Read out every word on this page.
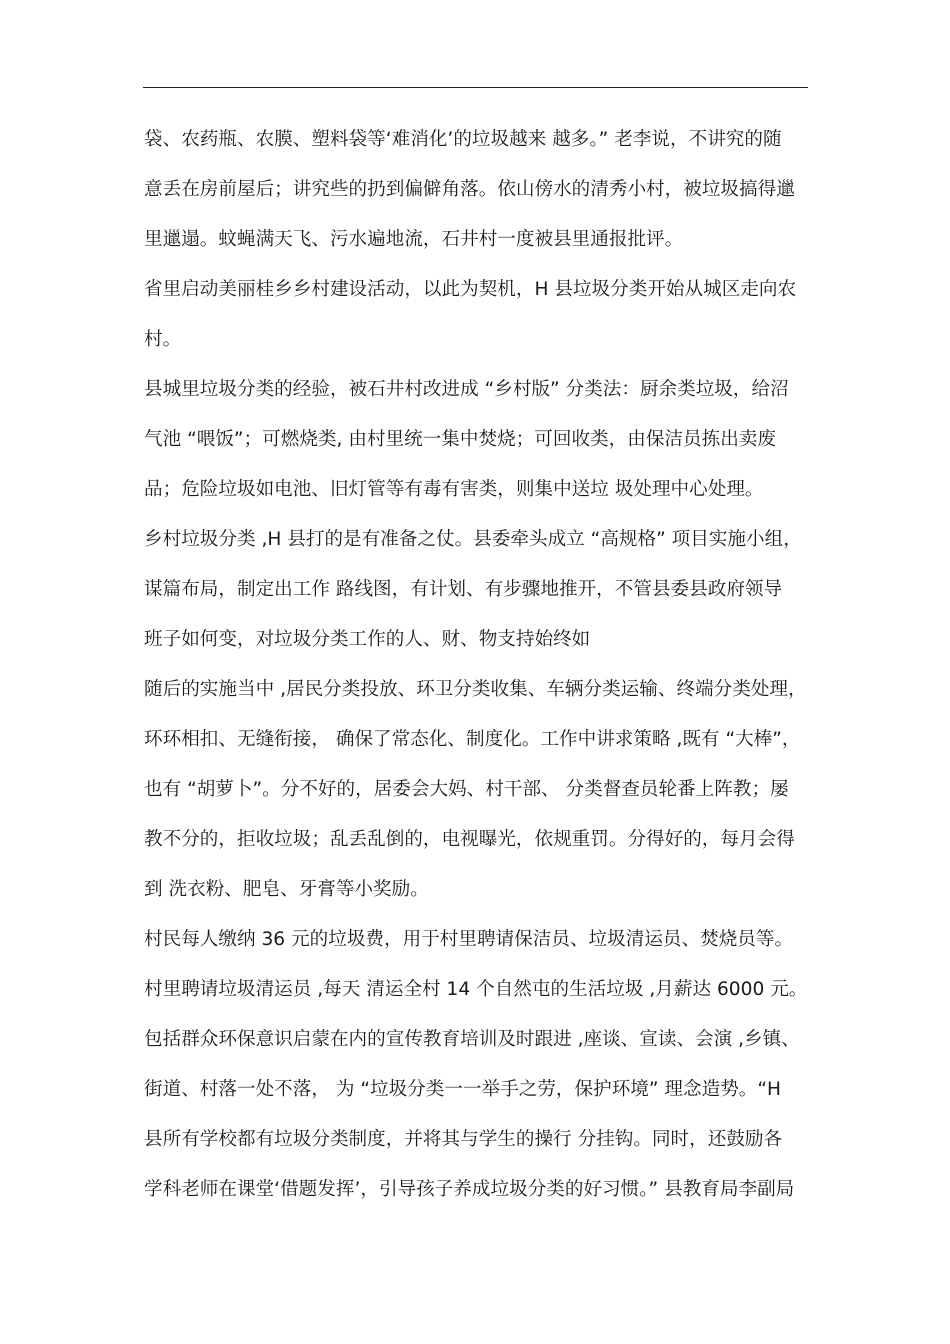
袋、农药瓶、农膜、塑料袋等‘难消化’的垃圾越来 越多。” 老李说，不讲究的随
意丢在房前屋后；讲究些的扔到偏僻角落。依山傍水的清秀小村，被垃圾搞得邋
里邋遢。蚊蝇满天飞、污水遍地流，石井村一度被县里通报批评。
省里启动美丽桂乡乡村建设活动，以此为契机，H 县垃圾分类开始从城区走向农
村。
县城里垃圾分类的经验，被石井村改进成 “乡村版” 分类法：厨余类垃圾，给沼
气池 “喂饭”；可燃烧类, 由村里统一集中焚烧；可回收类，由保洁员拣出卖废
品；危险垃圾如电池、旧灯管等有毒有害类，则集中送垃 圾处理中心处理。
乡村垃圾分类 ,H 县打的是有准备之仗。县委牵头成立 “高规格” 项目实施小组，
谋篇布局，制定出工作 路线图，有计划、有步骤地推开，不管县委县政府领导
班子如何变，对垃圾分类工作的人、财、物支持始终如
随后的实施当中 ,居民分类投放、环卫分类收集、车辆分类运输、终端分类处理，
环环相扣、无缝衔接， 确保了常态化、制度化。工作中讲求策略 ,既有 “大棒”，
也有 “胡萝卜”。分不好的，居委会大妈、村干部、 分类督查员轮番上阵教；屡
教不分的，拒收垃圾；乱丢乱倒的，电视曝光，依规重罚。分得好的，每月会得
到 洗衣粉、肥皂、牙膏等小奖励。
村民每人缴纳 36 元的垃圾费，用于村里聘请保洁员、垃圾清运员、焚烧员等。
村里聘请垃圾清运员 ,每天 清运全村 14 个自然屯的生活垃圾 ,月薪达 6000 元。
包括群众环保意识启蒙在内的宣传教育培训及时跟进 ,座谈、宣读、会演 ,乡镇、
街道、村落一处不落， 为 “垃圾分类一一举手之劳，保护环境” 理念造势。“H
县所有学校都有垃圾分类制度，并将其与学生的操行 分挂钩。同时，还鼓励各
学科老师在课堂‘借题发挥’，引导孩子养成垃圾分类的好习惯。” 县教育局李副局
